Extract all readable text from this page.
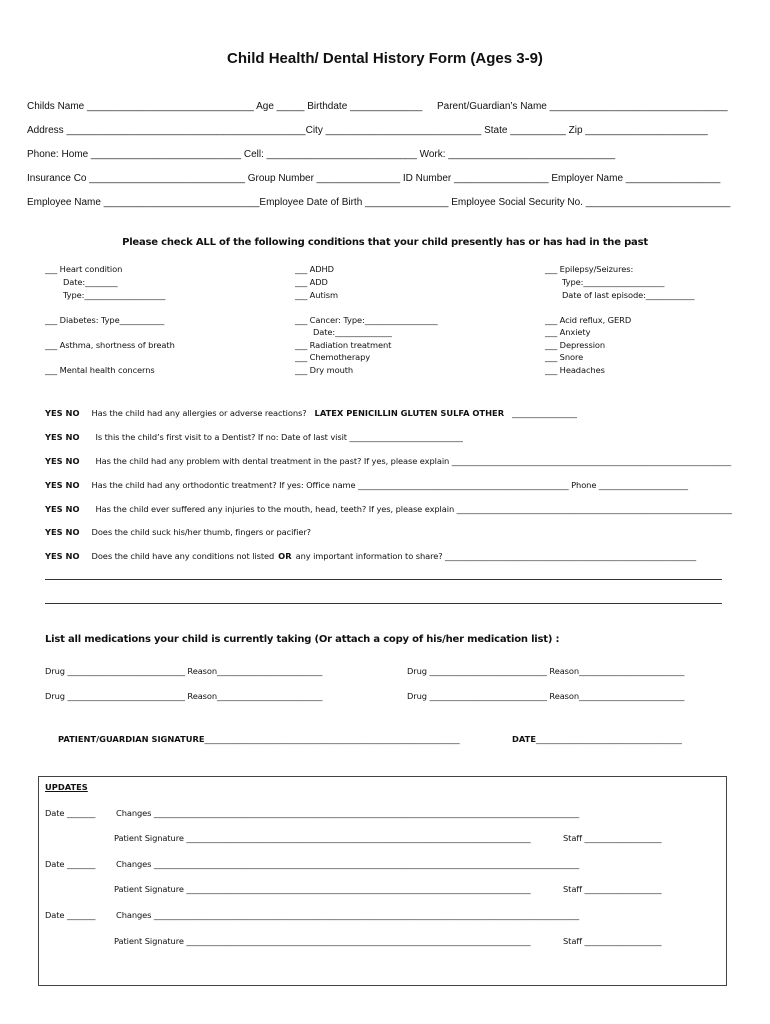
Child Health/ Dental History Form (Ages 3-9)
Childs Name ______________________________ Age _____ Birthdate _____________ Parent/Guardian’s Name ________________________________
Address ___________________________________________City ____________________________ State __________ Zip ______________________
Phone: Home ___________________________ Cell: ___________________________ Work: ______________________________
Insurance Co ____________________________ Group Number _______________ ID Number _________________ Employer Name _________________
Employee Name ____________________________Employee Date of Birth _______________ Employee Social Security No. __________________________
Please check ALL of the following conditions that your child presently has or has had in the past
___ Heart condition
Date:________
Type:____________________
___ Diabetes: Type___________
___ Asthma, shortness of breath
___ Mental health concerns
___ ADHD
___ ADD
___ Autism
___ Cancer: Type:__________________
Date:______________
___ Radiation treatment
___ Chemotherapy
___ Dry mouth
___ Epilepsy/Seizures:
Type:____________________
Date of last episode:____________
___ Acid reflux, GERD
___ Anxiety
___ Depression
___ Snore
___ Headaches
YES NO Has the child had any allergies or adverse reactions? LATEX PENICILLIN GLUTEN SULFA OTHER ________________
YES NO Is this the child’s first visit to a Dentist? If no: Date of last visit ____________________________
YES NO Has the child had any problem with dental treatment in the past? If yes, please explain _____________________________________________________________________
YES NO Has the child had any orthodontic treatment? If yes: Office name ____________________________________________________ Phone ______________________
YES NO Has the child ever suffered any injuries to the mouth, head, teeth? If yes, please explain ____________________________________________________________________
YES NO Does the child suck his/her thumb, fingers or pacifier?
YES NO Does the child have any conditions not listed OR any important information to share? ______________________________________________________________
List all medications your child is currently taking (Or attach a copy of his/her medication list) :
Drug _____________________________ Reason__________________________	Drug _____________________________ Reason__________________________
Drug _____________________________ Reason__________________________	Drug _____________________________ Reason__________________________
PATIENT/GUARDIAN SIGNATURE_______________________________________________________________	DATE____________________________________
UPDATES
Date _______ Changes _________________________________________________________________________________________________________
Patient Signature _____________________________________________________________________________________	Staff ___________________
Date _______ Changes _________________________________________________________________________________________________________
Patient Signature _____________________________________________________________________________________	Staff ___________________
Date _______ Changes _________________________________________________________________________________________________________
Patient Signature _____________________________________________________________________________________	Staff ___________________
